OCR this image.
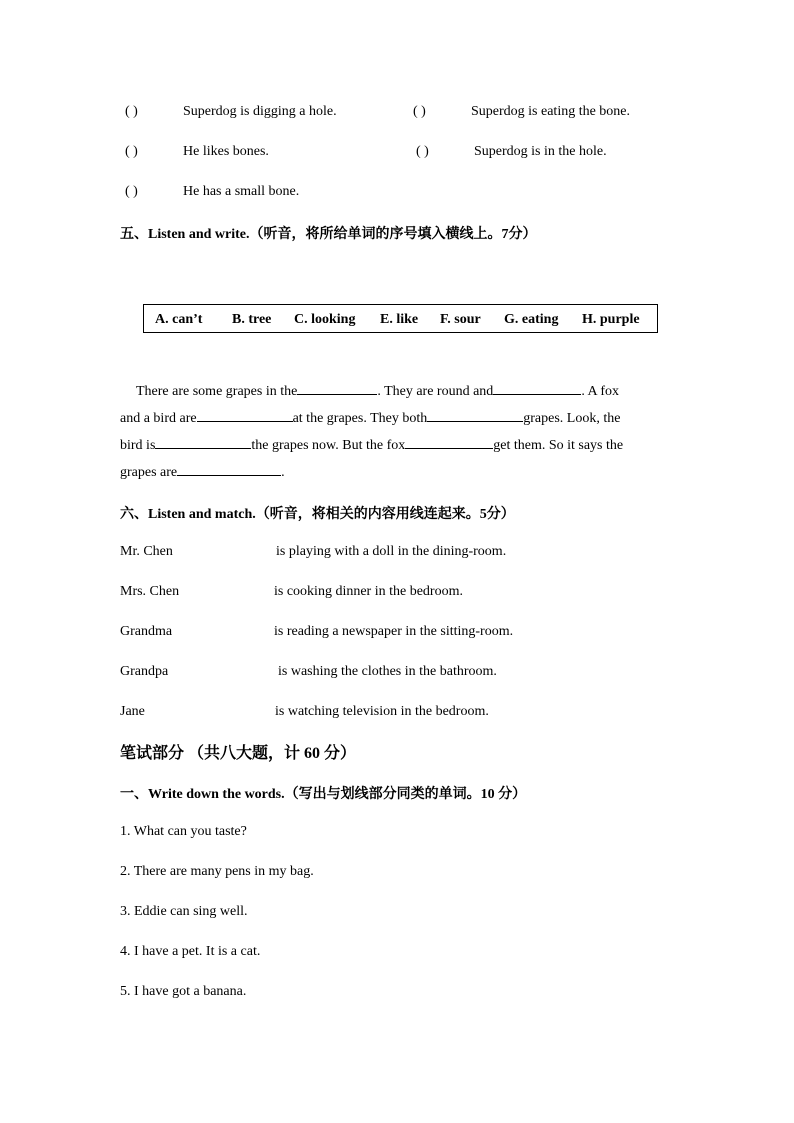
( )	Superdog is digging a hole.	( )	Superdog is eating the bone.
( )	He likes bones.	( )	Superdog is in the hole.
( )	He has a small bone.
五、Listen and write.（听音，将所给单词的序号填入横线上。7分）
A. can’t B. tree C. looking E. like F. sour G. eating H. purple
There are some grapes in the	. They are round and	. A fox
and a bird are	at the grapes. They both	grapes. Look, the
bird is	the grapes now. But the fox	get them. So it says the
grapes are	.
六、Listen and match.（听音，将相关的内容用线连起来。5分）
Mr. Chen	is playing with a doll in the dining-room.
Mrs. Chen	is cooking dinner in the bedroom.
Grandma	is reading a newspaper in the sitting-room.
Grandpa	is washing the clothes in the bathroom.
Jane	is watching television in the bedroom.
笔试部分 （共八大题，计 60 分）
一、Write down the words.（写出与划线部分同类的单词。10 分）
1. What can you taste?
2. There are many pens in my bag.
3. Eddie can sing well.
4. I have a pet. It is a cat.
5. I have got a banana.
